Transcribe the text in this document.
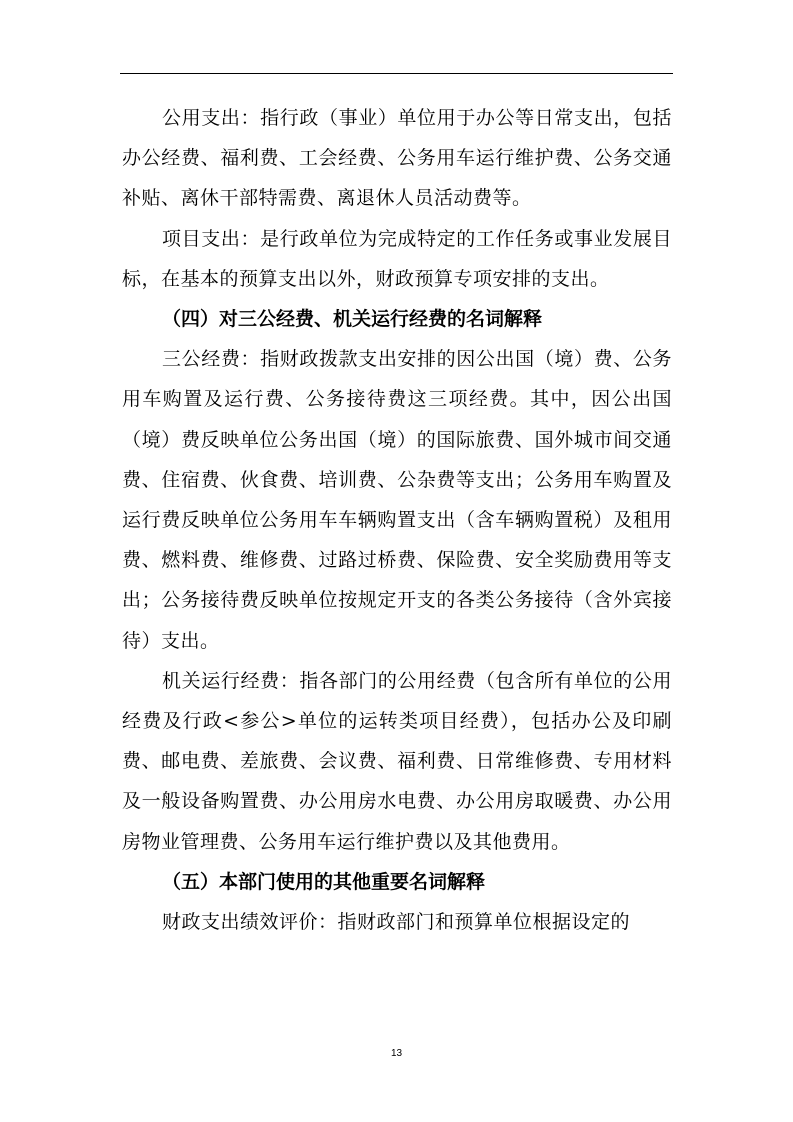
公用支出：指行政（事业）单位用于办公等日常支出，包括办公经费、福利费、工会经费、公务用车运行维护费、公务交通补贴、离休干部特需费、离退休人员活动费等。

项目支出：是行政单位为完成特定的工作任务或事业发展目标，在基本的预算支出以外，财政预算专项安排的支出。

（四）对三公经费、机关运行经费的名词解释

三公经费：指财政拨款支出安排的因公出国（境）费、公务用车购置及运行费、公务接待费这三项经费。其中，因公出国（境）费反映单位公务出国（境）的国际旅费、国外城市间交通费、住宿费、伙食费、培训费、公杂费等支出；公务用车购置及运行费反映单位公务用车车辆购置支出（含车辆购置税）及租用费、燃料费、维修费、过路过桥费、保险费、安全奖励费用等支出；公务接待费反映单位按规定开支的各类公务接待（含外宾接待）支出。

机关运行经费：指各部门的公用经费（包含所有单位的公用经费及行政<参公>单位的运转类项目经费），包括办公及印刷费、邮电费、差旅费、会议费、福利费、日常维修费、专用材料及一般设备购置费、办公用房水电费、办公用房取暖费、办公用房物业管理费、公务用车运行维护费以及其他费用。

（五）本部门使用的其他重要名词解释

财政支出绩效评价：指财政部门和预算单位根据设定的

13
